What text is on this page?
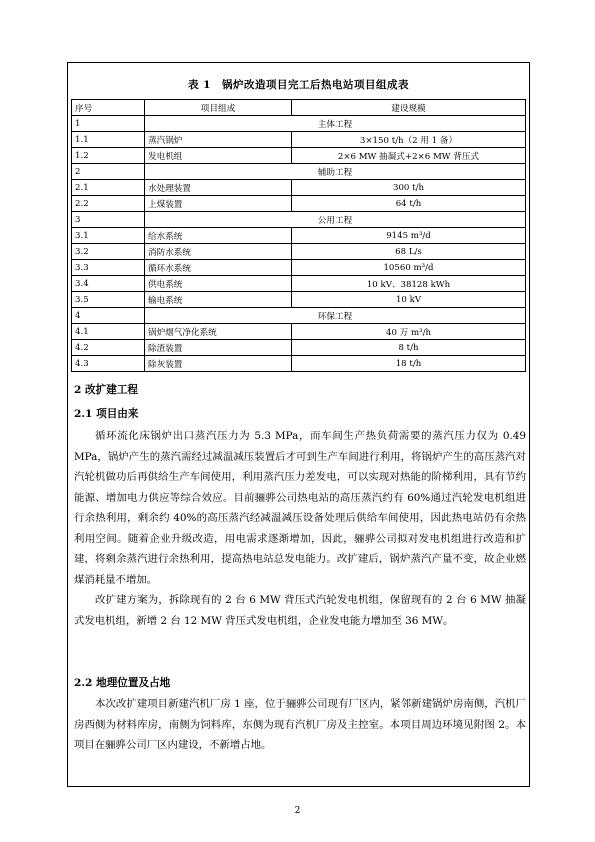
表 1　锅炉改造项目完工后热电站项目组成表
序号	项目组成	建设规模
1	主体工程	
1.1	蒸汽锅炉	3×150 t/h（2 用 1 备）
1.2	发电机组	2×6 MW 抽凝式+2×6 MW 背压式
2	辅助工程	
2.1	水处理装置	300 t/h
2.2	上煤装置	64 t/h
3	公用工程	
3.1	给水系统	9145 m³/d
3.2	消防水系统	68 L/s
3.3	循环水系统	10560 m³/d
3.4	供电系统	10 kV、38128 kWh
3.5	输电系统	10 kV
4	环保工程	
4.1	锅炉烟气净化系统	40 万 m³/h
4.2	除渣装置	8 t/h
4.3	除灰装置	18 t/h
2 改扩建工程
2.1 项目由来

循环流化床锅炉出口蒸汽压力为 5.3 MPa，而车间生产热负荷需要的蒸汽压力仅为 0.49 MPa，锅炉产生的蒸汽需经过减温减压装置后才可到生产车间进行利用，将锅炉产生的高压蒸汽对汽轮机做功后再供给生产车间使用，利用蒸汽压力差发电，可以实现对热能的阶梯利用，具有节约能源、增加电力供应等综合效应。目前骊骅公司热电站的高压蒸汽约有 60%通过汽轮发电机组进行余热利用，剩余约 40%的高压蒸汽经减温减压设备处理后供给车间使用，因此热电站仍有余热利用空间。随着企业升级改造，用电需求逐渐增加，因此，骊骅公司拟对发电机组进行改造和扩建，将剩余蒸汽进行余热利用，提高热电站总发电能力。改扩建后，锅炉蒸汽产量不变，故企业燃煤消耗量不增加。

改扩建方案为，拆除现有的 2 台 6 MW 背压式汽轮发电机组，保留现有的 2 台 6 MW 抽凝式发电机组，新增 2 台 12 MW 背压式发电机组，企业发电能力增加至 36 MW。

2.2 地理位置及占地

本次改扩建项目新建汽机厂房 1 座，位于骊骅公司现有厂区内，紧邻新建锅炉房南侧，汽机厂房西侧为材料库房，南侧为饲料库，东侧为现有汽机厂房及主控室。本项目周边环境见附图 2。本项目在骊骅公司厂区内建设，不新增占地。

2
